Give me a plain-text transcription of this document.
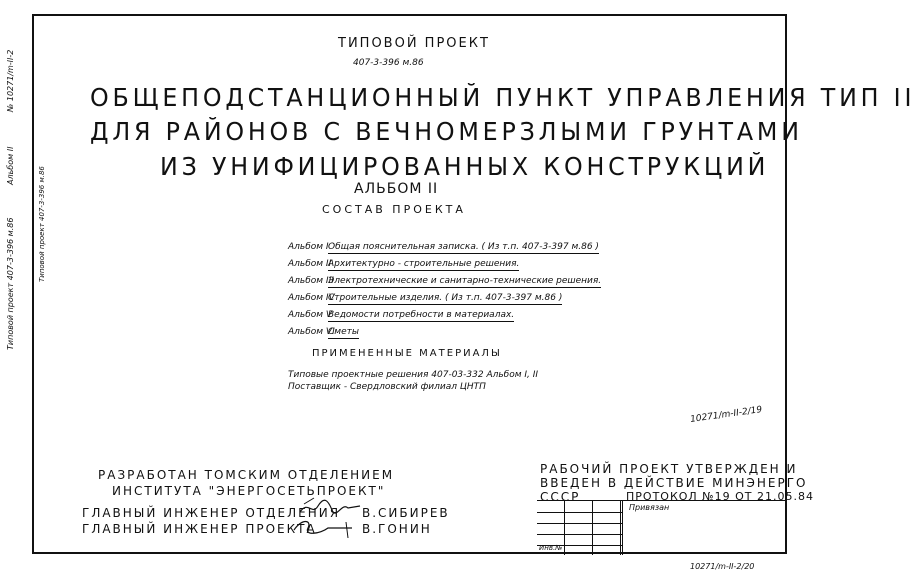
Типовой проект 407-3-396 м.86
Альбом II
№ 10271/m-II-2
Типовой проект 407-3-396 м.86
ТИПОВОЙ ПРОЕКТ
407-3-396 м.86
ОБЩЕПОДСТАНЦИОННЫЙ ПУНКТ УПРАВЛЕНИЯ ТИП II
ДЛЯ РАЙОНОВ С ВЕЧНОМЕРЗЛЫМИ ГРУНТАМИ
ИЗ УНИФИЦИРОВАННЫХ КОНСТРУКЦИЙ
АЛЬБОМ II
СОСТАВ ПРОЕКТА
Альбом IОбщая пояснительная записка. ( Из т.п. 407-3-397 м.86 )
Альбом IIАрхитектурно - строительные решения.
Альбом IIIЭлектротехнические и санитарно-технические решения.
Альбом IVСтроительные изделия. ( Из т.п. 407-3-397 м.86 )
Альбом VВедомости потребности в материалах.
Альбом VIСметы
ПРИМЕНЕННЫЕ МАТЕРИАЛЫ
Типовые проектные решения 407-03-332 Альбом I, II
Поставщик - Свердловский филиал ЦНТП
10271/m-II-2/19
РАЗРАБОТАН ТОМСКИМ ОТДЕЛЕНИЕМ
ИНСТИТУТА "ЭНЕРГОСЕТЬПРОЕКТ"
ГЛАВНЫЙ ИНЖЕНЕР ОТДЕЛЕНИЯ В.СИБИРЕВ
ГЛАВНЫЙ ИНЖЕНЕР ПРОЕКТА	В.ГОНИН
РАБОЧИЙ ПРОЕКТ УТВЕРЖДЕН И
ВВЕДЕН В ДЕЙСТВИЕ МИНЭНЕРГО
СССР	ПРОТОКОЛ №19 ОТ 21.05.84
Привязан
Инв.№
10271/m-II-2/20
